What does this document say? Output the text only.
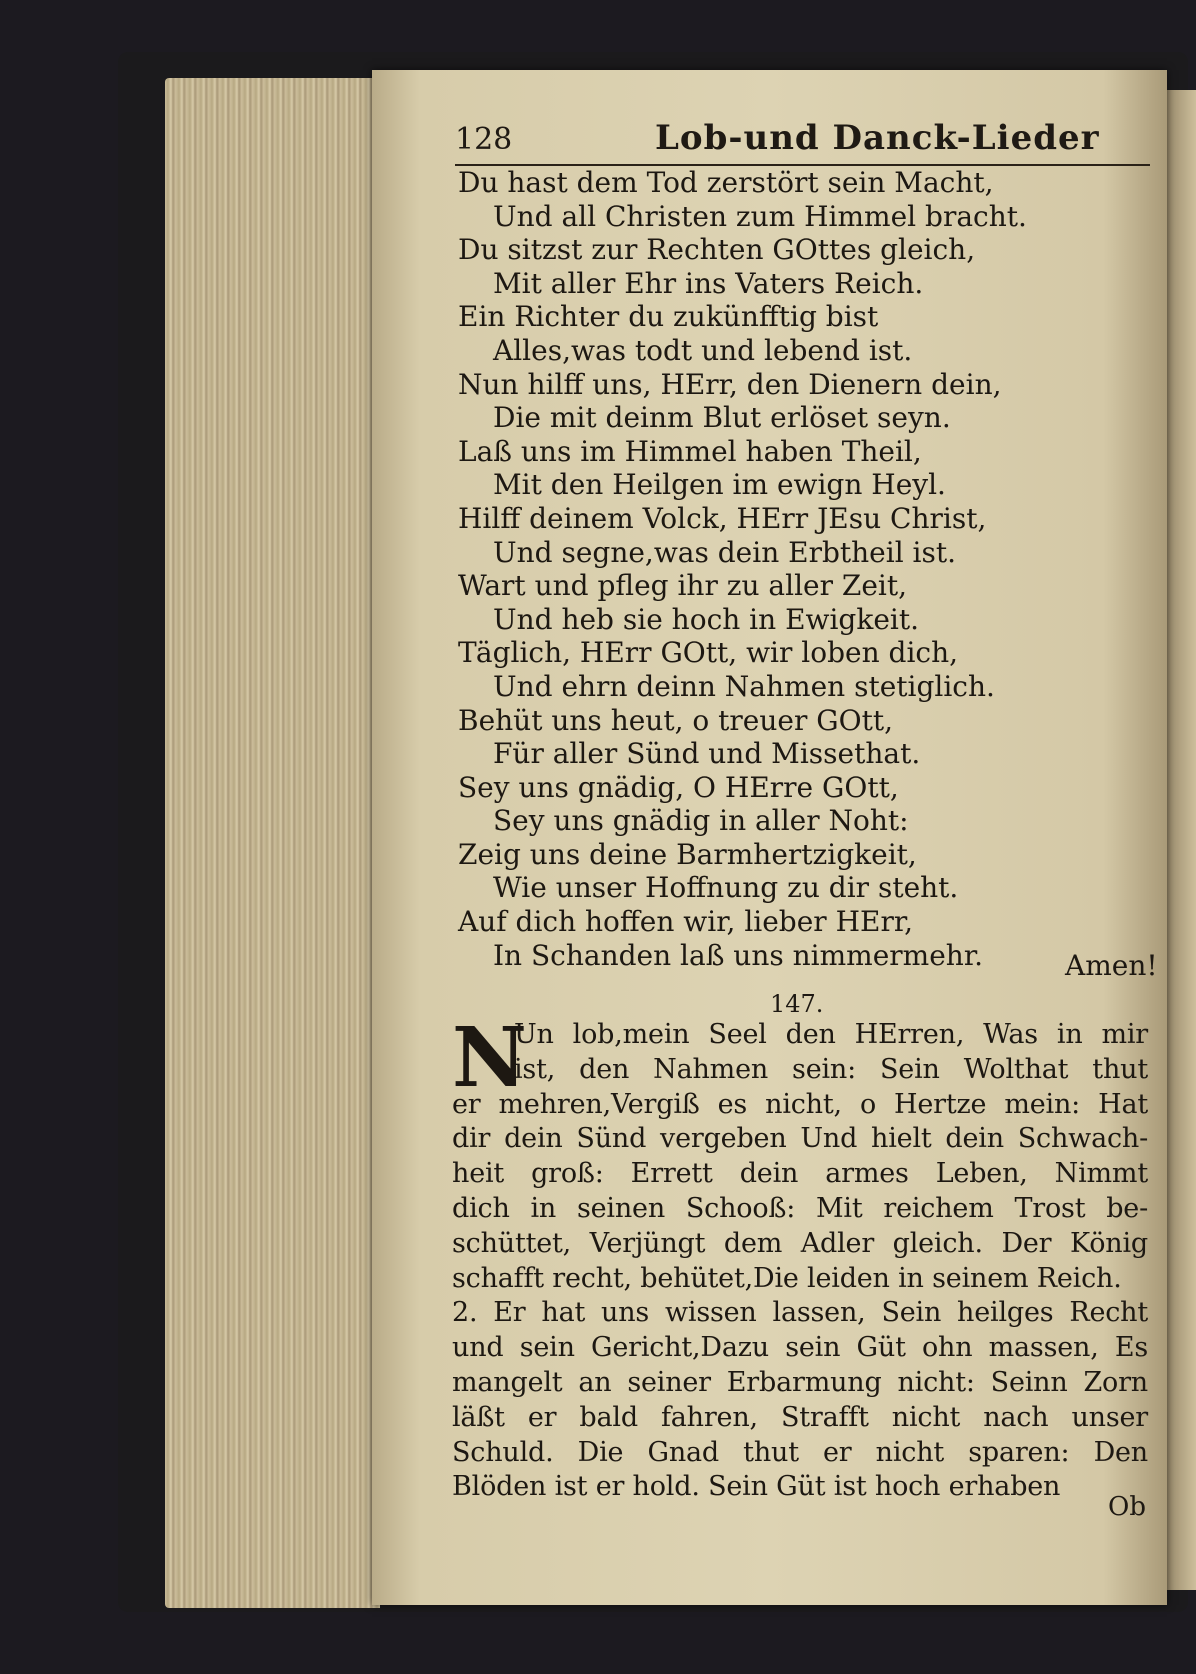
128	Lob-und Danck-Lieder
Du hast dem Tod zerstört sein Macht,
Und all Christen zum Himmel bracht.
Du sitzst zur Rechten GOttes gleich,
Mit aller Ehr ins Vaters Reich.
Ein Richter du zukünfftig bist
Alles,was todt und lebend ist.
Nun hilff uns, HErr, den Dienern dein,
Die mit deinm Blut erlöset seyn.
Laß uns im Himmel haben Theil,
Mit den Heilgen im ewign Heyl.
Hilff deinem Volck, HErr JEsu Christ,
Und segne,was dein Erbtheil ist.
Wart und pfleg ihr zu aller Zeit,
Und heb sie hoch in Ewigkeit.
Täglich, HErr GOtt, wir loben dich,
Und ehrn deinn Nahmen stetiglich.
Behüt uns heut, o treuer GOtt,
Für aller Sünd und Missethat.
Sey uns gnädig, O HErre GOtt,
Sey uns gnädig in aller Noht:
Zeig uns deine Barmhertzigkeit,
Wie unser Hoffnung zu dir steht.
Auf dich hoffen wir, lieber HErr,
In Schanden laß uns nimmermehr.	Amen!
147.
N
Un lob,mein Seel den HErren, Was in mir
ist, den Nahmen sein: Sein Wolthat thut
er mehren,Vergiß es nicht, o Hertze mein: Hat
dir dein Sünd vergeben Und hielt dein Schwach-
heit groß: Errett dein armes Leben, Nimmt
dich in seinen Schooß: Mit reichem Trost be-
schüttet, Verjüngt dem Adler gleich. Der König
schafft recht, behütet,Die leiden in seinem Reich.
2. Er hat uns wissen lassen, Sein heilges Recht
und sein Gericht,Dazu sein Güt ohn massen, Es
mangelt an seiner Erbarmung nicht: Seinn Zorn
läßt er bald fahren, Strafft nicht nach unser
Schuld. Die Gnad thut er nicht sparen: Den
Blöden ist er hold. Sein Güt ist hoch erhaben
Ob
